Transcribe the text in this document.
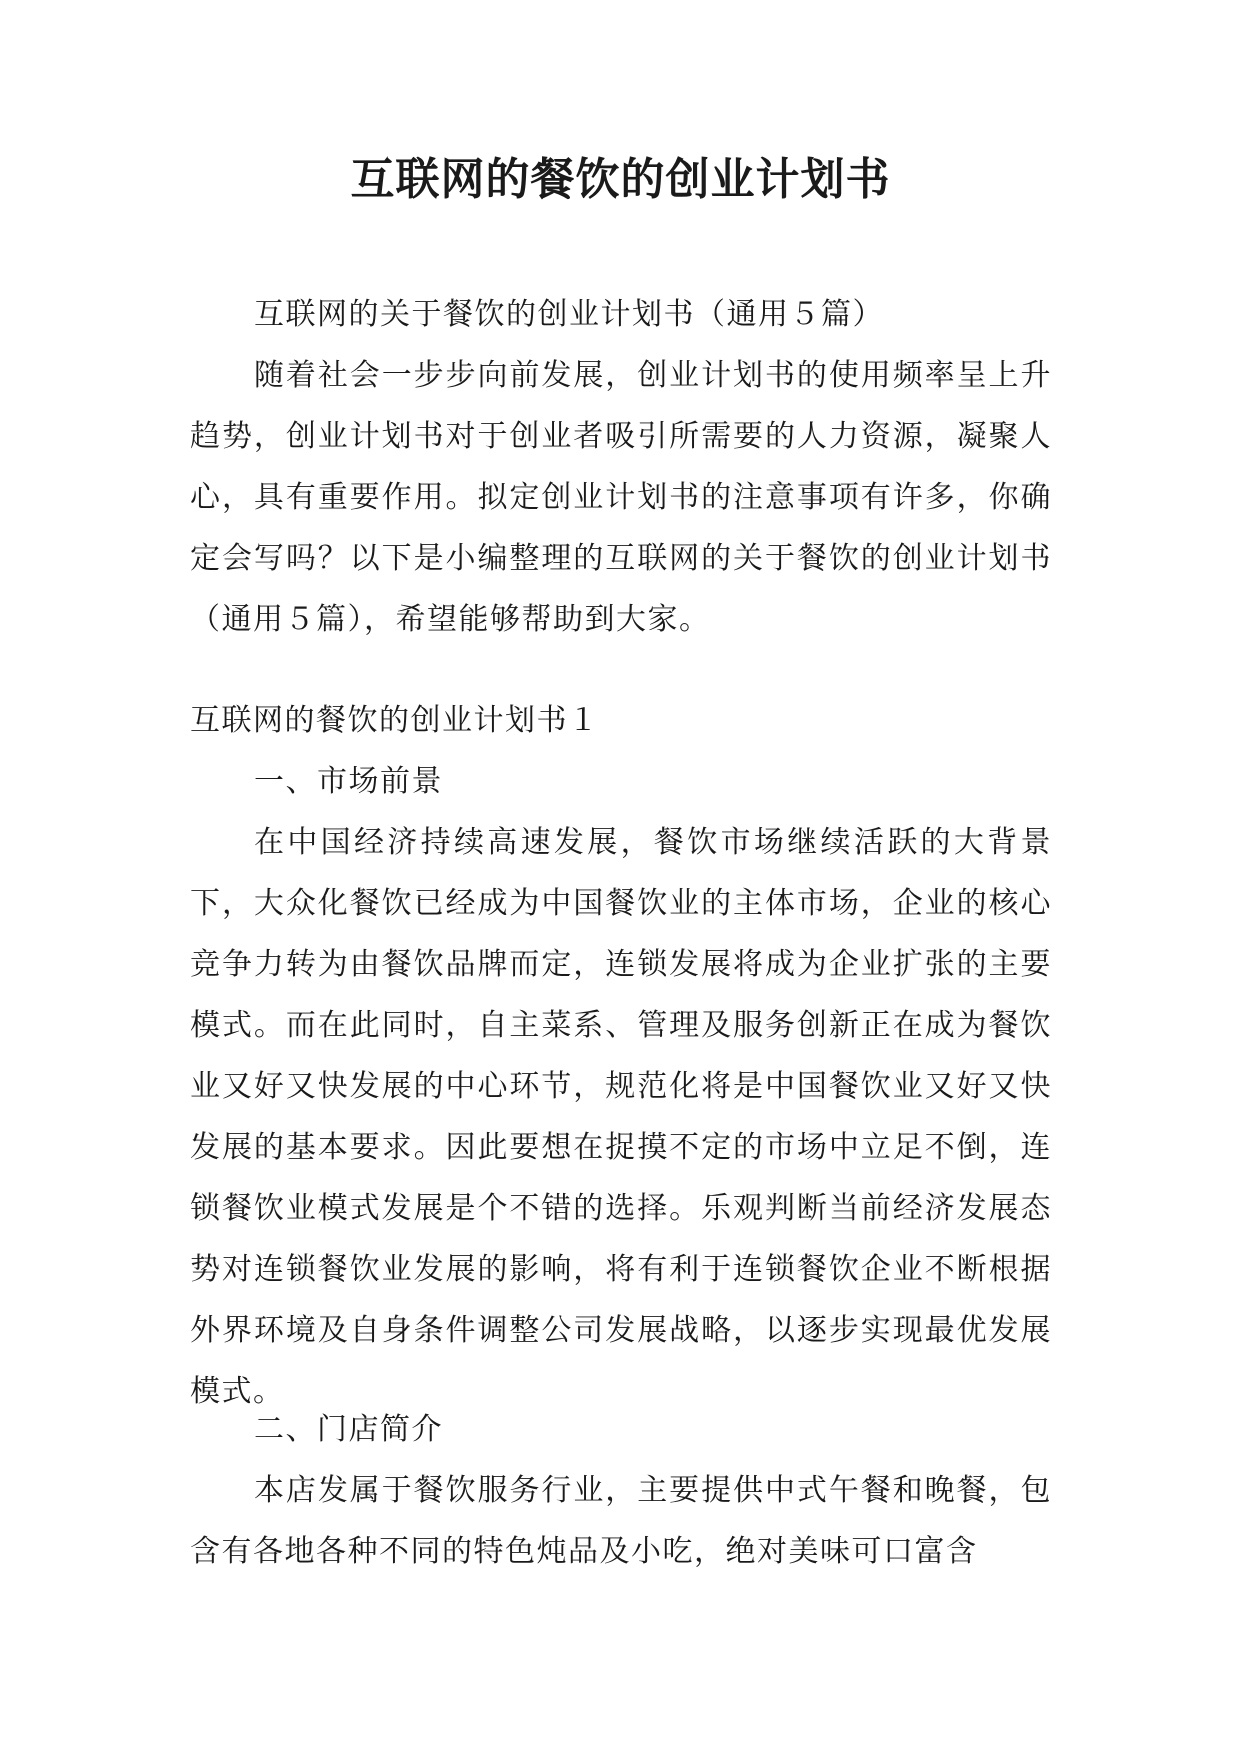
互联网的餐饮的创业计划书

互联网的关于餐饮的创业计划书（通用５篇）

随着社会一步步向前发展，创业计划书的使用频率呈上升趋势，创业计划书对于创业者吸引所需要的人力资源，凝聚人心，具有重要作用。拟定创业计划书的注意事项有许多，你确定会写吗？以下是小编整理的互联网的关于餐饮的创业计划书（通用５篇），希望能够帮助到大家。

互联网的餐饮的创业计划书１

一、市场前景

在中国经济持续高速发展，餐饮市场继续活跃的大背景下，大众化餐饮已经成为中国餐饮业的主体市场，企业的核心竞争力转为由餐饮品牌而定，连锁发展将成为企业扩张的主要模式。而在此同时，自主菜系、管理及服务创新正在成为餐饮业又好又快发展的中心环节，规范化将是中国餐饮业又好又快发展的基本要求。因此要想在捉摸不定的市场中立足不倒，连锁餐饮业模式发展是个不错的选择。乐观判断当前经济发展态势对连锁餐饮业发展的影响，将有利于连锁餐饮企业不断根据外界环境及自身条件调整公司发展战略，以逐步实现最优发展模式。

二、门店简介

本店发属于餐饮服务行业，主要提供中式午餐和晚餐，包含有各地各种不同的特色炖品及小吃，绝对美味可口富含
